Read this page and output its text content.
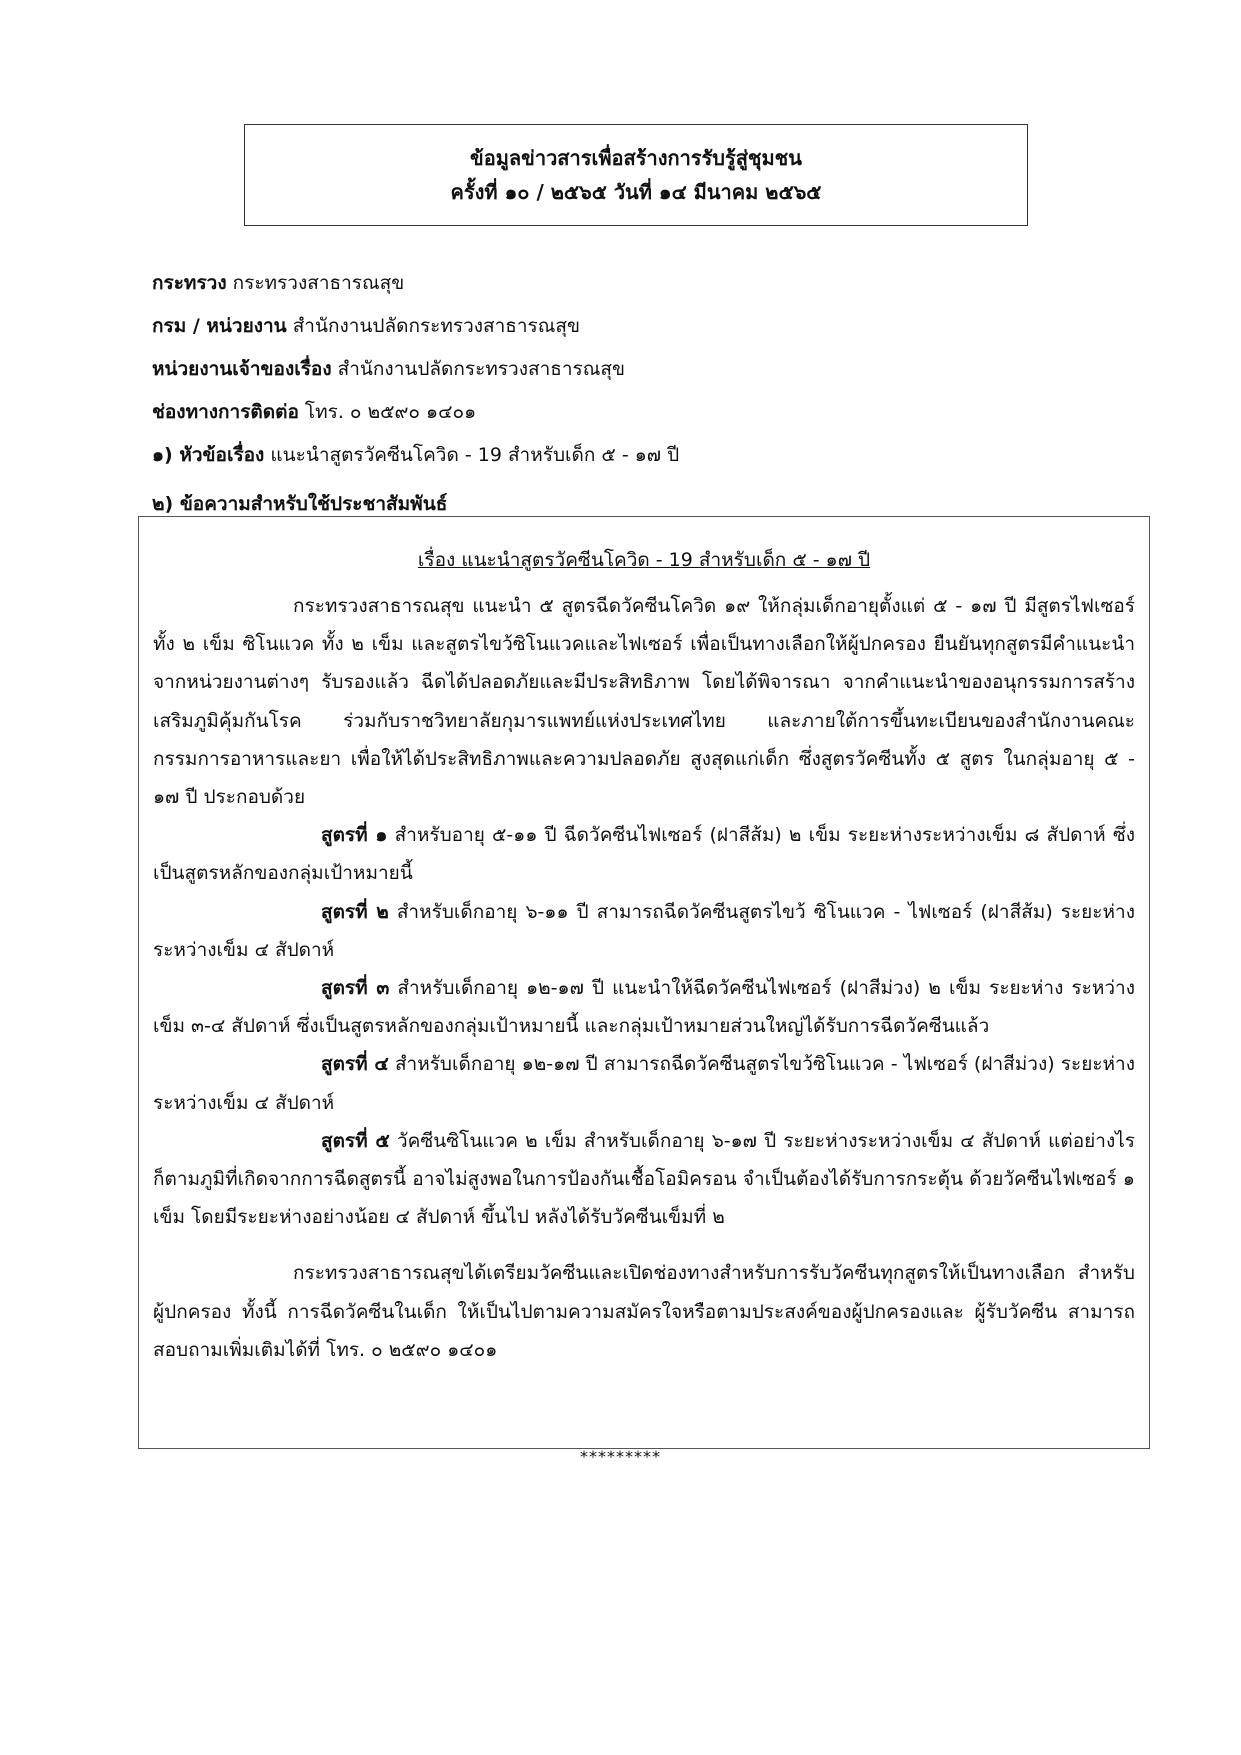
ข้อมูลข่าวสารเพื่อสร้างการรับรู้สู่ชุมชน
ครั้งที่ ๑๐ / ๒๕๖๕ วันที่ ๑๔ มีนาคม ๒๕๖๕
กระทรวง กระทรวงสาธารณสุข
กรม / หน่วยงาน สำนักงานปลัดกระทรวงสาธารณสุข
หน่วยงานเจ้าของเรื่อง สำนักงานปลัดกระทรวงสาธารณสุข
ช่องทางการติดต่อ โทร. ๐ ๒๕๙๐ ๑๔๐๑
๑) หัวข้อเรื่อง แนะนำสูตรวัคซีนโควิด - 19 สำหรับเด็ก ๕ - ๑๗ ปี
๒) ข้อความสำหรับใช้ประชาสัมพันธ์
เรื่อง แนะนำสูตรวัคซีนโควิด - 19 สำหรับเด็ก ๕ - ๑๗ ปี

กระทรวงสาธารณสุข แนะนำ ๕ สูตรฉีดวัคซีนโควิด ๑๙ ให้กลุ่มเด็กอายุตั้งแต่ ๕ - ๑๗ ปี มีสูตรไฟเซอร์ทั้ง ๒ เข็ม ซิโนแวค ทั้ง ๒ เข็ม และสูตรไขว้ซิโนแวคและไฟเซอร์ เพื่อเป็นทางเลือกให้ผู้ปกครอง ยืนยันทุกสูตรมีคำแนะนำจากหน่วยงานต่างๆ รับรองแล้ว ฉีดได้ปลอดภัยและมีประสิทธิภาพ โดยได้พิจารณา จากคำแนะนำของอนุกรรมการสร้างเสริมภูมิคุ้มกันโรค ร่วมกับราชวิทยาลัยกุมารแพทย์แห่งประเทศไทย และภายใต้การขึ้นทะเบียนของสำนักงานคณะกรรมการอาหารและยา เพื่อให้ได้ประสิทธิภาพและความปลอดภัย สูงสุดแก่เด็ก ซึ่งสูตรวัคซีนทั้ง ๕ สูตร ในกลุ่มอายุ ๕ - ๑๗ ปี ประกอบด้วย

สูตรที่ ๑ สำหรับอายุ ๕-๑๑ ปี ฉีดวัคซีนไฟเซอร์ (ฝาสีส้ม) ๒ เข็ม ระยะห่างระหว่างเข็ม ๘ สัปดาห์ ซึ่งเป็นสูตรหลักของกลุ่มเป้าหมายนี้

สูตรที่ ๒ สำหรับเด็กอายุ ๖-๑๑ ปี สามารถฉีดวัคซีนสูตรไขว้ ซิโนแวค - ไฟเซอร์ (ฝาสีส้ม) ระยะห่างระหว่างเข็ม ๔ สัปดาห์

สูตรที่ ๓ สำหรับเด็กอายุ ๑๒-๑๗ ปี แนะนำให้ฉีดวัคซีนไฟเซอร์ (ฝาสีม่วง) ๒ เข็ม ระยะห่าง ระหว่างเข็ม ๓-๔ สัปดาห์ ซึ่งเป็นสูตรหลักของกลุ่มเป้าหมายนี้ และกลุ่มเป้าหมายส่วนใหญ่ได้รับการฉีดวัคซีนแล้ว

สูตรที่ ๔ สำหรับเด็กอายุ ๑๒-๑๗ ปี สามารถฉีดวัคซีนสูตรไขว้ซิโนแวค - ไฟเซอร์ (ฝาสีม่วง) ระยะห่างระหว่างเข็ม ๔ สัปดาห์

สูตรที่ ๕ วัคซีนซิโนแวค ๒ เข็ม สำหรับเด็กอายุ ๖-๑๗ ปี ระยะห่างระหว่างเข็ม ๔ สัปดาห์ แต่อย่างไรก็ตามภูมิที่เกิดจากการฉีดสูตรนี้ อาจไม่สูงพอในการป้องกันเชื้อโอมิครอน จำเป็นต้องได้รับการกระตุ้น ด้วยวัคซีนไฟเซอร์ ๑ เข็ม โดยมีระยะห่างอย่างน้อย ๔ สัปดาห์ ขึ้นไป หลังได้รับวัคซีนเข็มที่ ๒

กระทรวงสาธารณสุขได้เตรียมวัคซีนและเปิดช่องทางสำหรับการรับวัคซีนทุกสูตรให้เป็นทางเลือก สำหรับผู้ปกครอง ทั้งนี้ การฉีดวัคซีนในเด็ก ให้เป็นไปตามความสมัครใจหรือตามประสงค์ของผู้ปกครองและ ผู้รับวัคซีน สามารถสอบถามเพิ่มเติมได้ที่ โทร. ๐ ๒๕๙๐ ๑๔๐๑

*********
